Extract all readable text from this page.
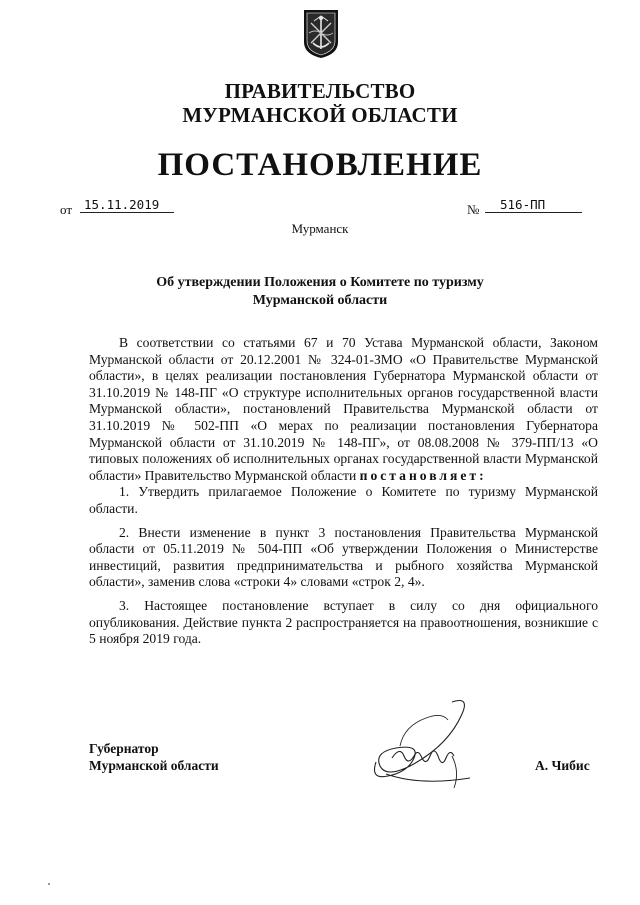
ПРАВИТЕЛЬСТВО
МУРМАНСКОЙ ОБЛАСТИ
ПОСТАНОВЛЕНИЕ
от 15.11.2019	№ 516-ПП
Мурманск
Об утверждении Положения о Комитете по туризму
Мурманской области

В соответствии со статьями 67 и 70 Устава Мурманской области, Законом Мурманской области от 20.12.2001 № 324-01-ЗМО «О Правительстве Мурманской области», в целях реализации постановления Губернатора Мурманской области от 31.10.2019 № 148-ПГ «О структуре исполнительных органов государственной власти Мурманской области», постановлений Правительства Мурманской области от 31.10.2019 № 502-ПП «О мерах по реализации постановления Губернатора Мурманской области от 31.10.2019 № 148-ПГ», от 08.08.2008 № 379-ПП/13 «О типовых положениях об исполнительных органах государственной власти Мурманской области» Правительство Мурманской области постановляет:

1. Утвердить прилагаемое Положение о Комитете по туризму Мурманской области.

2. Внести изменение в пункт 3 постановления Правительства Мурманской области от 05.11.2019 № 504-ПП «Об утверждении Положения о Министерстве инвестиций, развития предпринимательства и рыбного хозяйства Мурманской области», заменив слова «строки 4» словами «строк 2, 4».

3. Настоящее постановление вступает в силу со дня официального опубликования. Действие пункта 2 распространяется на правоотношения, возникшие с 5 ноября 2019 года.

Губернатор
Мурманской области	А. Чибис
